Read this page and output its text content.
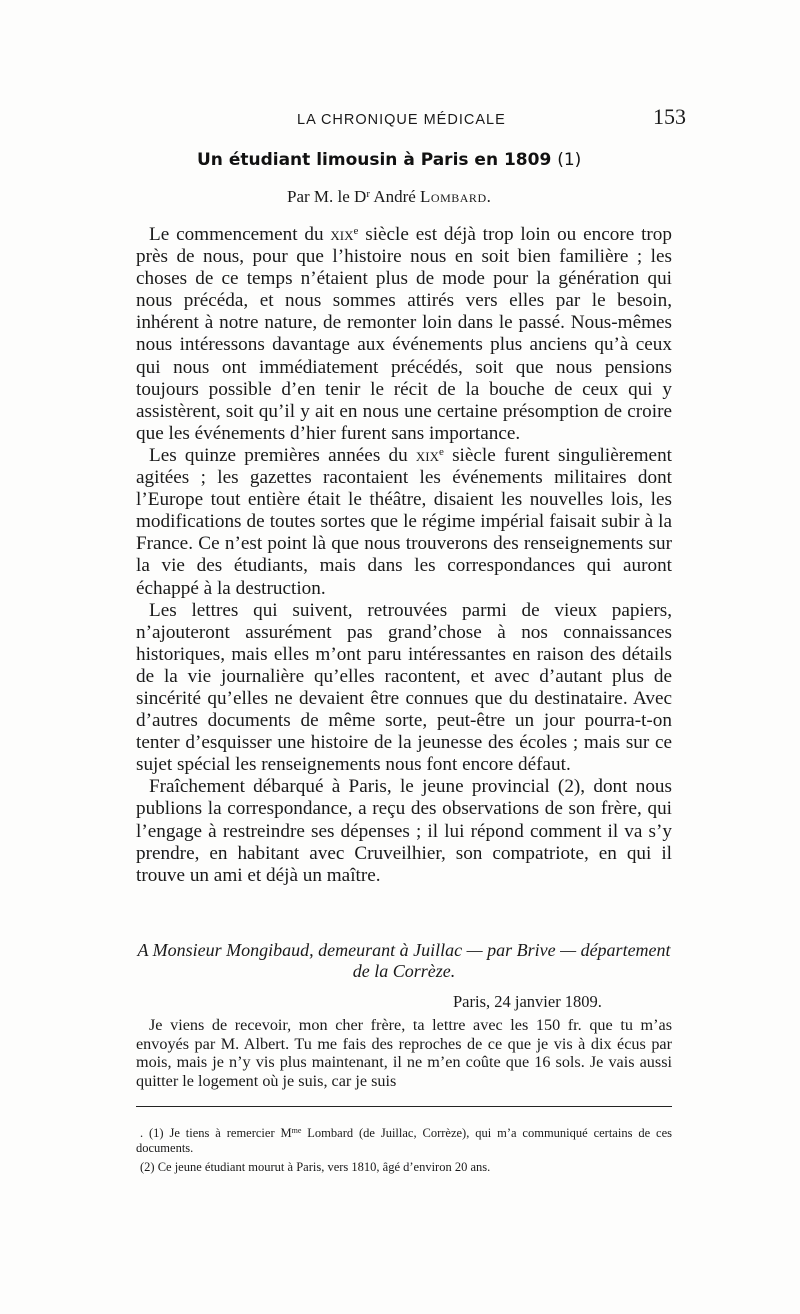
LA CHRONIQUE MÉDICALE	153
Un étudiant limousin à Paris en 1809 (1)
Par M. le $D^r$ André Lombard.

Le commencement du xix$^e$ siècle est déjà trop loin ou encore trop près de nous, pour que l’histoire nous en soit bien familière ; les choses de ce temps n’étaient plus de mode pour la génération qui nous précéda, et nous sommes attirés vers elles par le besoin, inhérent à notre nature, de remonter loin dans le passé. Nous-mêmes nous intéressons davantage aux événements plus anciens qu’à ceux qui nous ont immédiatement précédés, soit que nous pensions toujours possible d’en tenir le récit de la bouche de ceux qui y assistèrent, soit qu’il y ait en nous une certaine présomption de croire que les événements d’hier furent sans importance.

Les quinze premières années du xix$^e$ siècle furent singulièrement agitées ; les gazettes racontaient les événements militaires dont l’Europe tout entière était le théâtre, disaient les nouvelles lois, les modifications de toutes sortes que le régime impérial faisait subir à la France. Ce n’est point là que nous trouverons des renseignements sur la vie des étudiants, mais dans les correspondances qui auront échappé à la destruction.

Les lettres qui suivent, retrouvées parmi de vieux papiers, n’ajouteront assurément pas grand’chose à nos connaissances historiques, mais elles m’ont paru intéressantes en raison des détails de la vie journalière qu’elles racontent, et avec d’autant plus de sincérité qu’elles ne devaient être connues que du destinataire. Avec d’autres documents de même sorte, peut-être un jour pourra-t-on tenter d’esquisser une histoire de la jeunesse des écoles ; mais sur ce sujet spécial les renseignements nous font encore défaut.

Fraîchement débarqué à Paris, le jeune provincial (2), dont nous publions la correspondance, a reçu des observations de son frère, qui l’engage à restreindre ses dépenses ; il lui répond comment il va s’y prendre, en habitant avec Cruveilhier, son compatriote, en qui il trouve un ami et déjà un maître.

A Monsieur Mongibaud, demeurant à Juillac — par Brive — département de la Corrèze.
Paris, 24 janvier 1809.

Je viens de recevoir, mon cher frère, ta lettre avec les 150 fr. que tu m’as envoyés par M. Albert. Tu me fais des reproches de ce que je vis à dix écus par mois, mais je n’y vis plus maintenant, il ne m’en coûte que 16 sols. Je vais aussi quitter le logement où je suis, car je suis

. (1) Je tiens à remercier $M^{me}$ Lombard (de Juillac, Corrèze), qui m’a communiqué certains de ces documents.

(2) Ce jeune étudiant mourut à Paris, vers 1810, âgé d’environ 20 ans.
